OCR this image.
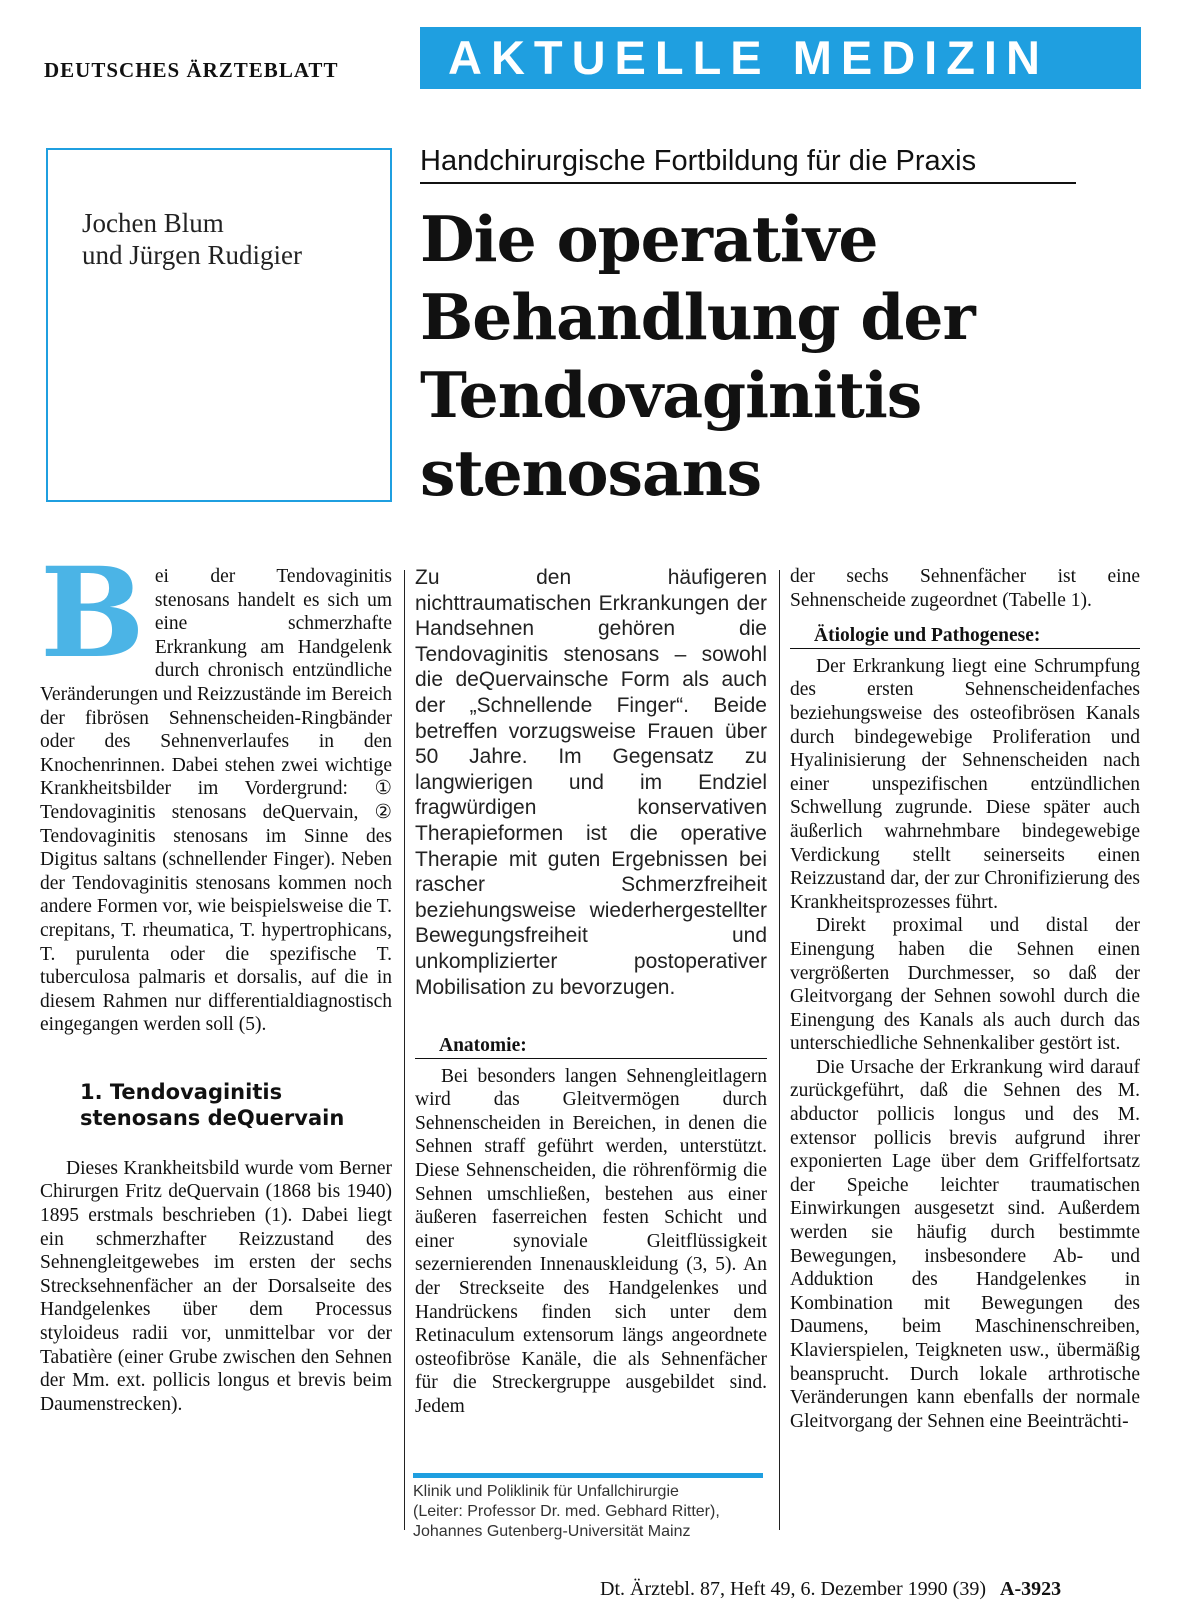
DEUTSCHES ÄRZTEBLATT	AKTUELLE MEDIZIN
Jochen Blum
und Jürgen Rudigier
Handchirurgische Fortbildung für die Praxis
Die operative
Behandlung der
Tendovaginitis
stenosans
B ei der Tendovaginitis stenosans handelt es sich um eine schmerzhafte Erkrankung am Handgelenk durch chronisch entzündliche Veränderungen und Reizzustände im Bereich der fibrösen Sehnenscheiden-Ringbänder oder des Sehnenverlaufes in den Knochenrinnen. Dabei stehen zwei wichtige Krankheitsbilder im Vordergrund: ① Tendovaginitis stenosans deQuervain, ② Tendovaginitis stenosans im Sinne des Digitus saltans (schnellender Finger). Neben der Tendovaginitis stenosans kommen noch andere Formen vor, wie beispielsweise die T. crepitans, T. rheumatica, T. hypertrophicans, T. purulenta oder die spezifische T. tuberculosa palmaris et dorsalis, auf die in diesem Rahmen nur differentialdiagnostisch eingegangen werden soll (5).

1. Tendovaginitis
stenosans deQuervain

Dieses Krankheitsbild wurde vom Berner Chirurgen Fritz deQuervain (1868 bis 1940) 1895 erstmals beschrieben (1). Dabei liegt ein schmerzhafter Reizzustand des Sehnengleitgewebes im ersten der sechs Strecksehnenfächer an der Dorsalseite des Handgelenkes über dem Processus styloideus radii vor, unmittelbar vor der Tabatière (einer Grube zwischen den Sehnen der Mm. ext. pollicis longus et brevis beim Daumenstrecken).

Zu den häufigeren nichttraumatischen Erkrankungen der Handsehnen gehören die Tendovaginitis stenosans – sowohl die deQuervainsche Form als auch der „Schnellende Finger“. Beide betreffen vorzugsweise Frauen über 50 Jahre. Im Gegensatz zu langwierigen und im Endziel fragwürdigen konservativen Therapieformen ist die operative Therapie mit guten Ergebnissen bei rascher Schmerzfreiheit beziehungsweise wiederhergestellter Bewegungsfreiheit und unkomplizierter postoperativer Mobilisation zu bevorzugen.

Anatomie:

Bei besonders langen Sehnengleitlagern wird das Gleitvermögen durch Sehnenscheiden in Bereichen, in denen die Sehnen straff geführt werden, unterstützt. Diese Sehnenscheiden, die röhrenförmig die Sehnen umschließen, bestehen aus einer äußeren faserreichen festen Schicht und einer synoviale Gleitflüssigkeit sezernierenden Innenauskleidung (3, 5). An der Streckseite des Handgelenkes und Handrückens finden sich unter dem Retinaculum extensorum längs angeordnete osteofibröse Kanäle, die als Sehnenfächer für die Streckergruppe ausgebildet sind. Jedem

der sechs Sehnenfächer ist eine Sehnenscheide zugeordnet (Tabelle 1).

Ätiologie und Pathogenese:

Der Erkrankung liegt eine Schrumpfung des ersten Sehnenscheidenfaches beziehungsweise des osteofibrösen Kanals durch bindegewebige Proliferation und Hyalinisierung der Sehnenscheiden nach einer unspezifischen entzündlichen Schwellung zugrunde. Diese später auch äußerlich wahrnehmbare bindegewebige Verdickung stellt seinerseits einen Reizzustand dar, der zur Chronifizierung des Krankheitsprozesses führt.

Direkt proximal und distal der Einengung haben die Sehnen einen vergrößerten Durchmesser, so daß der Gleitvorgang der Sehnen sowohl durch die Einengung des Kanals als auch durch das unterschiedliche Sehnenkaliber gestört ist.

Die Ursache der Erkrankung wird darauf zurückgeführt, daß die Sehnen des M. abductor pollicis longus und des M. extensor pollicis brevis aufgrund ihrer exponierten Lage über dem Griffelfortsatz der Speiche leichter traumatischen Einwirkungen ausgesetzt sind. Außerdem werden sie häufig durch bestimmte Bewegungen, insbesondere Ab- und Adduktion des Handgelenkes in Kombination mit Bewegungen des Daumens, beim Maschinenschreiben, Klavierspielen, Teigkneten usw., übermäßig beansprucht. Durch lokale arthrotische Veränderungen kann ebenfalls der normale Gleitvorgang der Sehnen eine Beeinträchti-

Klinik und Poliklinik für Unfallchirurgie
(Leiter: Professor Dr. med. Gebhard Ritter),
Johannes Gutenberg-Universität Mainz
Dt. Ärztebl. 87, Heft 49, 6. Dezember 1990 (39) A-3923
